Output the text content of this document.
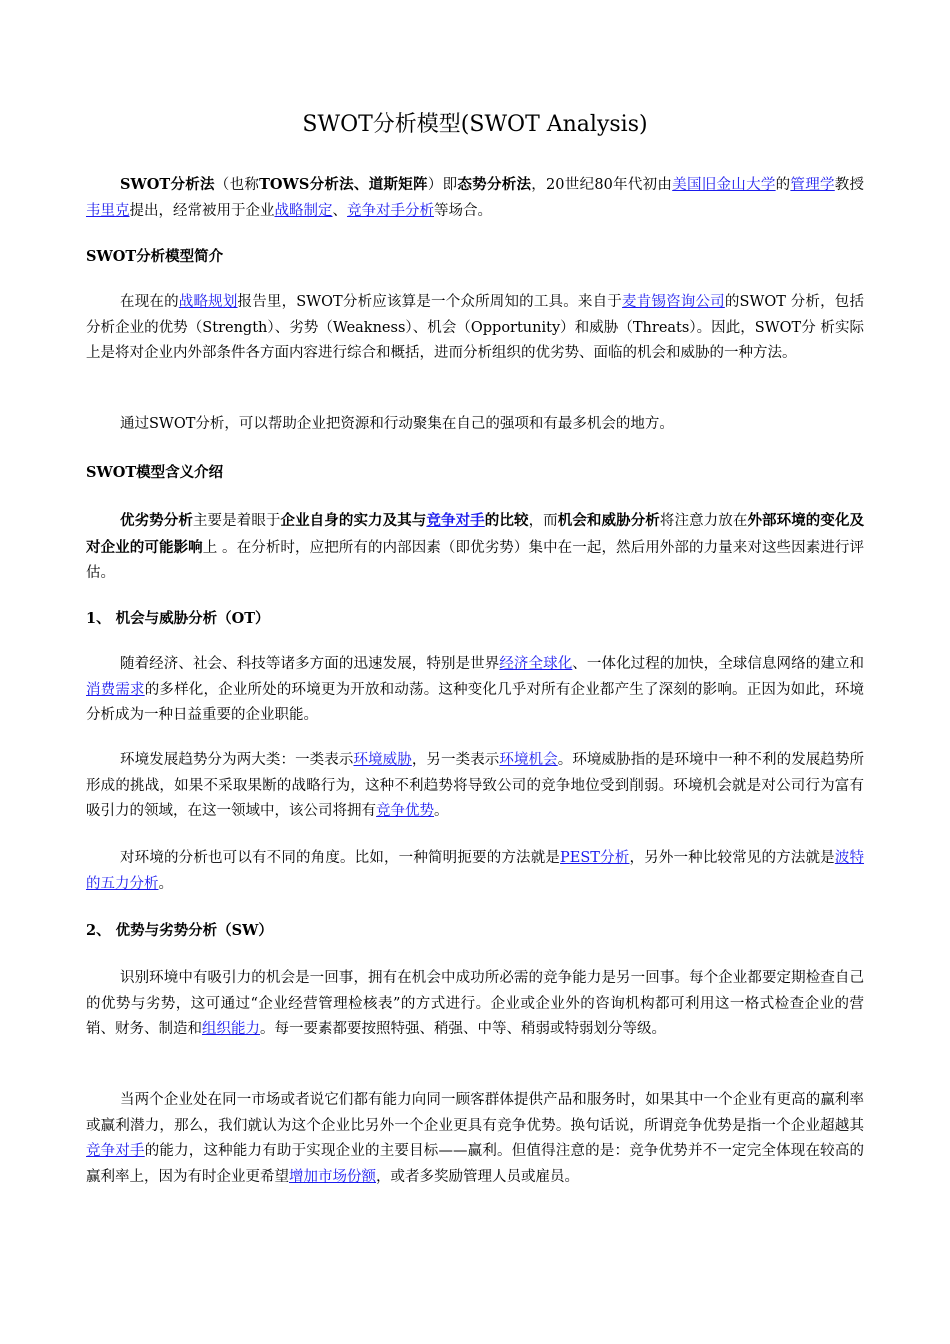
SWOT分析模型(SWOT Analysis)

SWOT分析法（也称TOWS分析法、道斯矩阵）即态势分析法，20世纪80年代初由美国旧金山大学的管理学教授韦里克提出，经常被用于企业战略制定、竞争对手分析等场合。

SWOT分析模型简介

在现在的战略规划报告里，SWOT分析应该算是一个众所周知的工具。来自于麦肯锡咨询公司的SWOT 分析，包括分析企业的优势（Strength）、劣势（Weakness）、机会（Opportunity）和威胁（Threats）。因此，SWOT分 析实际上是将对企业内外部条件各方面内容进行综合和概括，进而分析组织的优劣势、面临的机会和威胁的一种方法。

通过SWOT分析，可以帮助企业把资源和行动聚集在自己的强项和有最多机会的地方。

SWOT模型含义介绍

优劣势分析主要是着眼于企业自身的实力及其与竞争对手的比较，而机会和威胁分析将注意力放在外部环境的变化及对企业的可能影响上 。在分析时，应把所有的内部因素（即优劣势）集中在一起，然后用外部的力量来对这些因素进行评估。

1、 机会与威胁分析（OT）

随着经济、社会、科技等诸多方面的迅速发展，特别是世界经济全球化、一体化过程的加快，全球信息网络的建立和消费需求的多样化，企业所处的环境更为开放和动荡。这种变化几乎对所有企业都产生了深刻的影响。正因为如此，环境分析成为一种日益重要的企业职能。

环境发展趋势分为两大类：一类表示环境威胁，另一类表示环境机会。环境威胁指的是环境中一种不利的发展趋势所形成的挑战，如果不采取果断的战略行为，这种不利趋势将导致公司的竞争地位受到削弱。环境机会就是对公司行为富有吸引力的领域，在这一领域中，该公司将拥有竞争优势。

对环境的分析也可以有不同的角度。比如，一种简明扼要的方法就是PEST分析，另外一种比较常见的方法就是波特的五力分析。

2、 优势与劣势分析（SW）

识别环境中有吸引力的机会是一回事，拥有在机会中成功所必需的竞争能力是另一回事。每个企业都要定期检查自己的优势与劣势，这可通过“企业经营管理检核表”的方式进行。企业或企业外的咨询机构都可利用这一格式检查企业的营销、财务、制造和组织能力。每一要素都要按照特强、稍强、中等、稍弱或特弱划分等级。

当两个企业处在同一市场或者说它们都有能力向同一顾客群体提供产品和服务时，如果其中一个企业有更高的赢利率或赢利潜力，那么，我们就认为这个企业比另外一个企业更具有竞争优势。换句话说，所谓竞争优势是指一个企业超越其竞争对手的能力，这种能力有助于实现企业的主要目标——赢利。但值得注意的是：竞争优势并不一定完全体现在较高的赢利率上，因为有时企业更希望增加市场份额，或者多奖励管理人员或雇员。
